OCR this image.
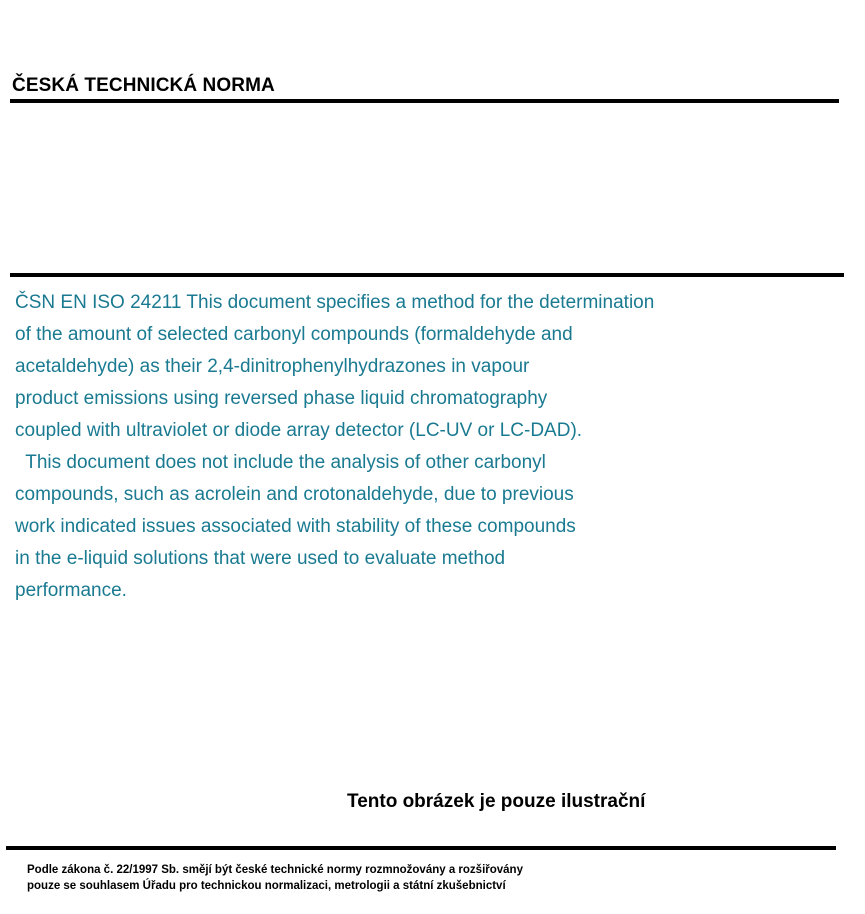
ČESKÁ TECHNICKÁ NORMA

ČSN EN ISO 24211 This document specifies a method for the determination
of the amount of selected carbonyl compounds (formaldehyde and
acetaldehyde) as their 2,4-dinitrophenylhydrazones in vapour
product emissions using reversed phase liquid chromatography
coupled with ultraviolet or diode array detector (LC-UV or LC-DAD).
This document does not include the analysis of other carbonyl
compounds, such as acrolein and crotonaldehyde, due to previous
work indicated issues associated with stability of these compounds
in the e-liquid solutions that were used to evaluate method
performance.

Tento obrázek je pouze ilustrační
Podle zákona č. 22/1997 Sb. smějí být české technické normy rozmnožovány a rozšiřovány
pouze se souhlasem Úřadu pro technickou normalizaci, metrologii a státní zkušebnictví
